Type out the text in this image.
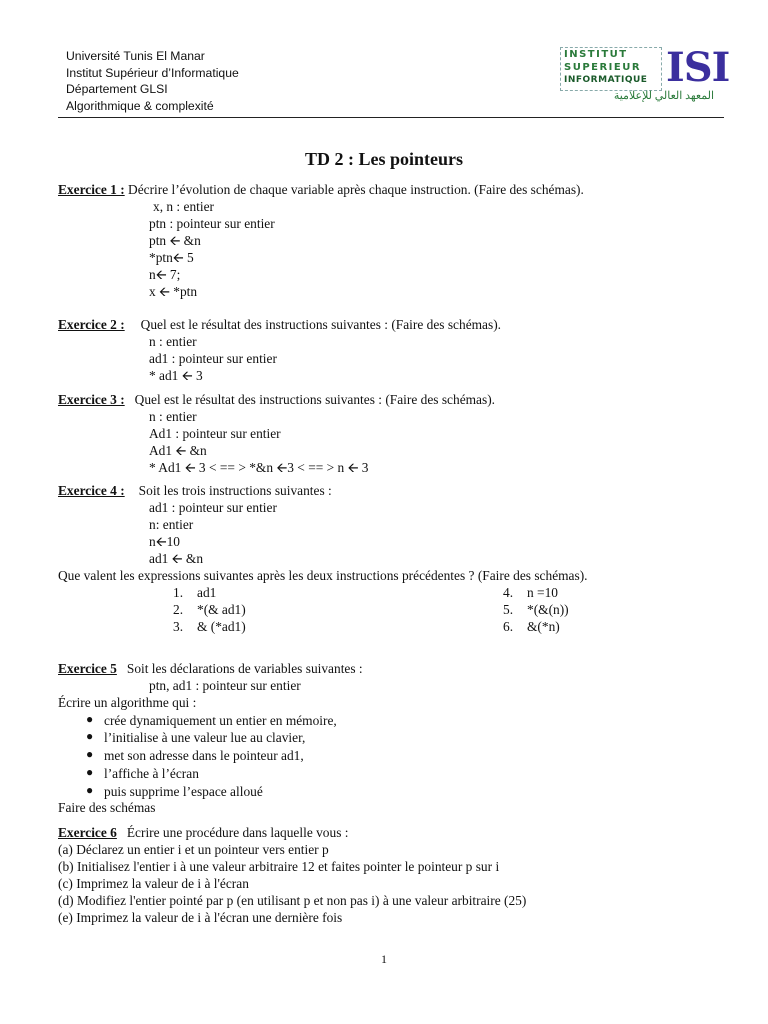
Université Tunis El Manar
Institut Supérieur d’Informatique
Département GLSI
Algorithmique & complexité
INSTITUT
SUPERIEUR
INFORMATIQUE ISI
المعهد العالي للإعلامية
TD 2 : Les pointeurs
Exercice 1 : Décrire l’évolution de chaque variable après chaque instruction. (Faire des schémas).
x, n : entier
ptn : pointeur sur entier
ptn 🡨 &n
*ptn🡨 5
n🡨 7;
x 🡨 *ptn
Exercice 2 : Quel est le résultat des instructions suivantes : (Faire des schémas).
n : entier
ad1 : pointeur sur entier
* ad1 🡨 3
Exercice 3 : Quel est le résultat des instructions suivantes : (Faire des schémas).
n : entier
Ad1 : pointeur sur entier
Ad1 🡨 &n
* Ad1 🡨 3 < == > *&n 🡨3 < == > n 🡨 3
Exercice 4 : Soit les trois instructions suivantes :
ad1 : pointeur sur entier
n: entier
n🡨10
ad1 🡨 &n
Que valent les expressions suivantes après les deux instructions précédentes ? (Faire des schémas).
1. ad1
2. *(& ad1)
3. & (*ad1)
4. n =10
5. *(&(n))
6. &(*n)
Exercice 5 Soit les déclarations de variables suivantes :
ptn, ad1 : pointeur sur entier
Écrire un algorithme qui :
● crée dynamiquement un entier en mémoire,
● l’initialise à une valeur lue au clavier,
● met son adresse dans le pointeur ad1,
● l’affiche à l’écran
● puis supprime l’espace alloué
Faire des schémas
Exercice 6 Écrire une procédure dans laquelle vous :
(a) Déclarez un entier i et un pointeur vers entier p
(b) Initialisez l'entier i à une valeur arbitraire 12 et faites pointer le pointeur p sur i
(c) Imprimez la valeur de i à l'écran
(d) Modifiez l'entier pointé par p (en utilisant p et non pas i) à une valeur arbitraire (25)
(e) Imprimez la valeur de i à l'écran une dernière fois
1
